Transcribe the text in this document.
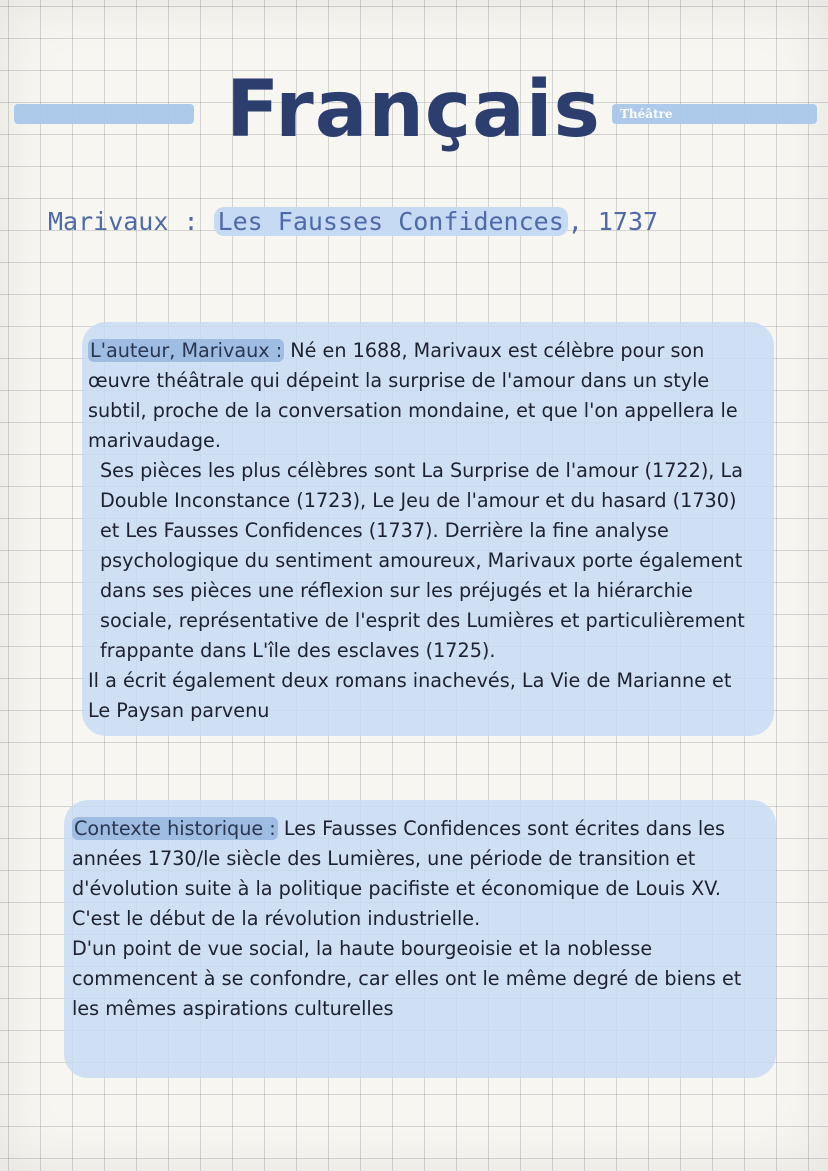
Français Théâtre

Marivaux : Les Fausses Confidences , 1737

L'auteur, Marivaux : Né en 1688, Marivaux est célèbre pour son œuvre théâtrale qui dépeint la surprise de l'amour dans un style subtil, proche de la conversation mondaine, et que l'on appellera le marivaudage.
Ses pièces les plus célèbres sont La Surprise de l'amour (1722), La Double Inconstance (1723), Le Jeu de l'amour et du hasard (1730) et Les Fausses Confidences (1737). Derrière la fine analyse psychologique du sentiment amoureux, Marivaux porte également dans ses pièces une réflexion sur les préjugés et la hiérarchie sociale, représentative de l'esprit des Lumières et particulièrement frappante dans L'île des esclaves (1725).
Il a écrit également deux romans inachevés, La Vie de Marianne et Le Paysan parvenu

Contexte historique : Les Fausses Confidences sont écrites dans les années 1730/le siècle des Lumières, une période de transition et d'évolution suite à la politique pacifiste et économique de Louis XV. C'est le début de la révolution industrielle.
D'un point de vue social, la haute bourgeoisie et la noblesse commencent à se confondre, car elles ont le même degré de biens et les mêmes aspirations culturelles
